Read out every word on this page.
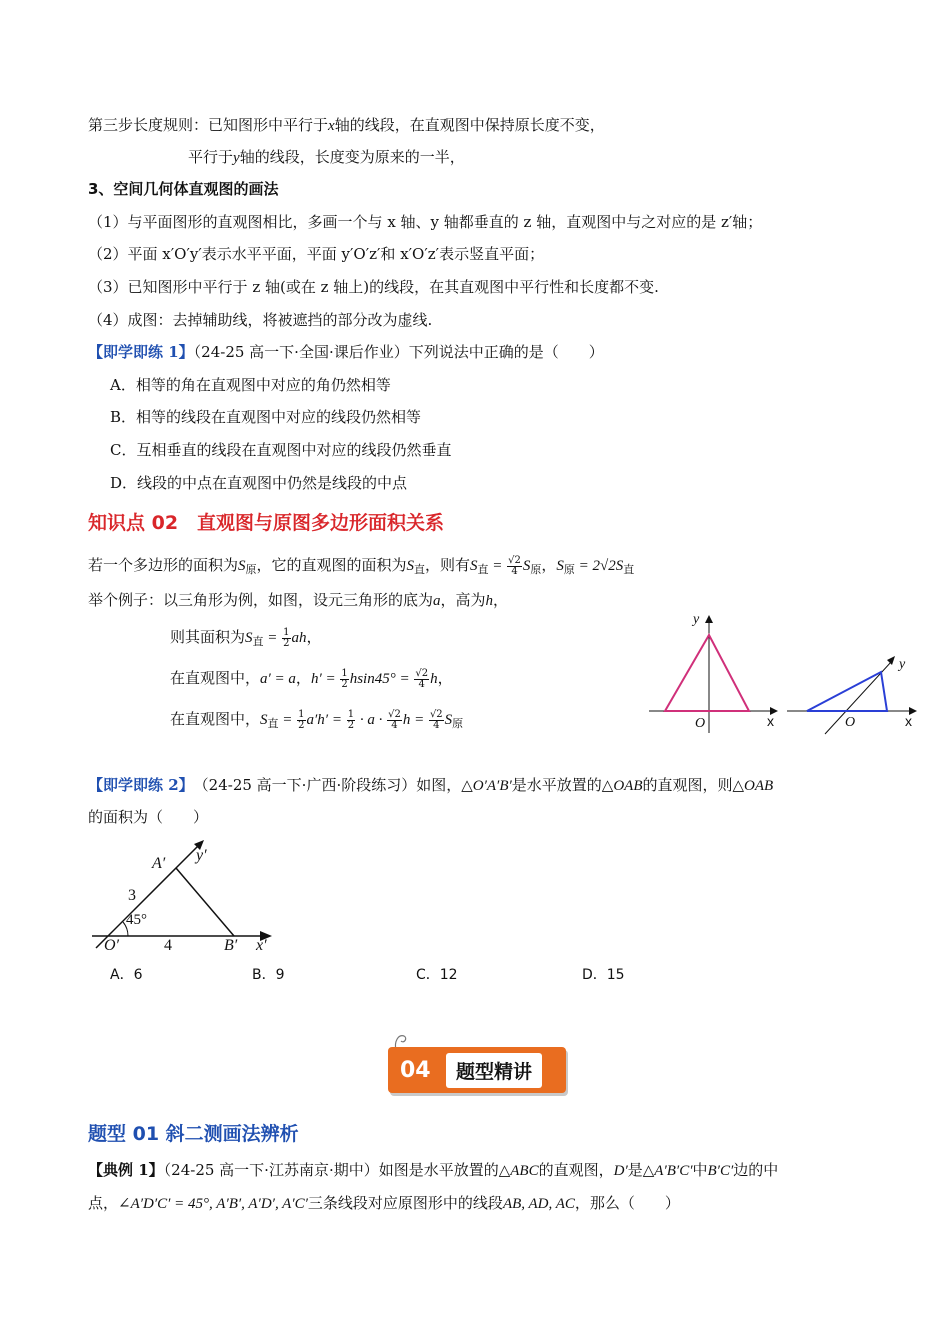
第三步长度规则：已知图形中平行于x轴的线段，在直观图中保持原长度不变，
平行于y轴的线段，长度变为原来的一半，
3、空间几何体直观图的画法
（1）与平面图形的直观图相比，多画一个与 x 轴、y 轴都垂直的 z 轴，直观图中与之对应的是 z′轴；
（2）平面 x′O′y′表示水平平面，平面 y′O′z′和 x′O′z′表示竖直平面；
（3）已知图形中平行于 z 轴(或在 z 轴上)的线段，在其直观图中平行性和长度都不变.
（4）成图：去掉辅助线，将被遮挡的部分改为虚线.
【即学即练 1】（24-25 高一下·全国·课后作业）下列说法中正确的是（　　）
A．相等的角在直观图中对应的角仍然相等
B．相等的线段在直观图中对应的线段仍然相等
C．互相垂直的线段在直观图中对应的线段仍然垂直
D．线段的中点在直观图中仍然是线段的中点
知识点 02　直观图与原图多边形面积关系
若一个多边形的面积为$S_原$，它的直观图的面积为$S_直$，则有$S_直 = \frac{√2}{4} S_原$，$S_原 = 2√2S_直$
举个例子：以三角形为例，如图，设元三角形的底为a，高为h，
则其面积为$S_直 = \frac{1}{2}$ ah，
在直观图中，a′ = a，$h' = \frac{1}{2} hsin45^\circ = \frac{√2}{4}$ h，
在直观图中，$S_直 = \frac{1}{2} a'h' = \frac{1}{2} \cdot a \cdot \frac{√2}{4}$ $h = \frac{√2}{4} S_原$
y
O	x
y
O	x
【即学即练 2】　（24-25 高一下·广西·阶段练习）如图，△O′A′B′是水平放置的△OAB的直观图，则△OAB
的面积为（　　）
A′ y′
3
45°
O′	4	B′ x′
A．6	B．9	C．12	D．15
04	题型精讲
题型 01 斜二测画法辨析
【典例 1】（24-25 高一下·江苏南京·期中）如图是水平放置的△ABC的直观图，D′是△A′B′C′中B′C′边的中
点，∠A′D′C′ = 45°, A′B′, A′D′, A′C′三条线段对应原图形中的线段AB, AD, AC，那么（　　）
